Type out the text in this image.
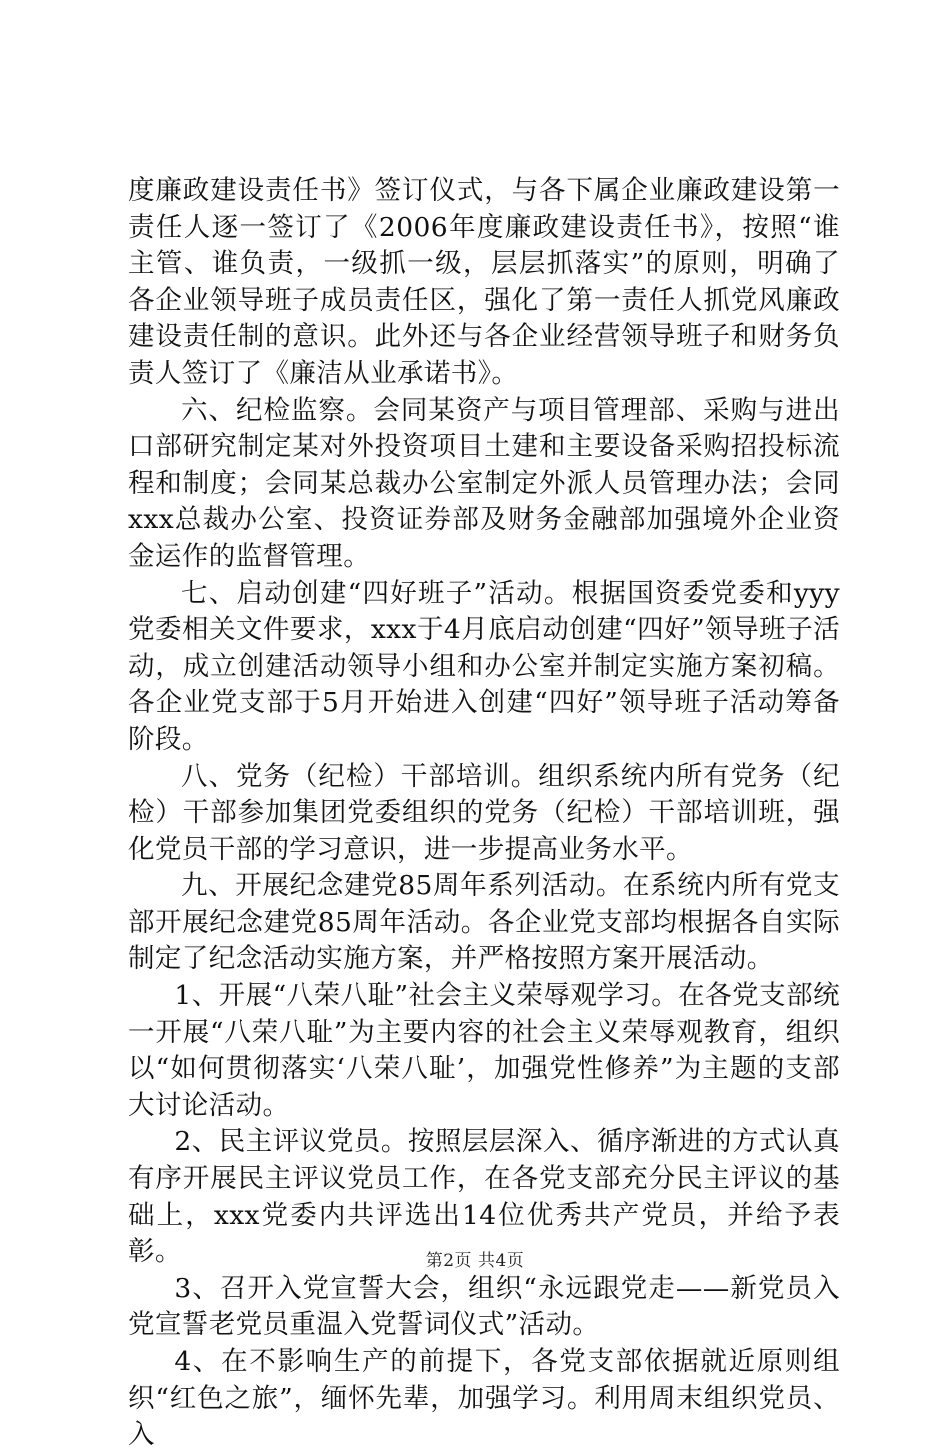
度廉政建设责任书》签订仪式，与各下属企业廉政建设第一责任人逐一签订了《2006年度廉政建设责任书》，按照“谁主管、谁负责，一级抓一级，层层抓落实”的原则，明确了各企业领导班子成员责任区，强化了第一责任人抓党风廉政建设责任制的意识。此外还与各企业经营领导班子和财务负责人签订了《廉洁从业承诺书》。

六、纪检监察。会同某资产与项目管理部、采购与进出口部研究制定某对外投资项目土建和主要设备采购招投标流程和制度；会同某总裁办公室制定外派人员管理办法；会同xxx总裁办公室、投资证券部及财务金融部加强境外企业资金运作的监督管理。

七、启动创建“四好班子”活动。根据国资委党委和yyy党委相关文件要求，xxx于4月底启动创建“四好”领导班子活动，成立创建活动领导小组和办公室并制定实施方案初稿。各企业党支部于5月开始进入创建“四好”领导班子活动筹备阶段。

八、党务（纪检）干部培训。组织系统内所有党务（纪检）干部参加集团党委组织的党务（纪检）干部培训班，强化党员干部的学习意识，进一步提高业务水平。

九、开展纪念建党85周年系列活动。在系统内所有党支部开展纪念建党85周年活动。各企业党支部均根据各自实际制定了纪念活动实施方案，并严格按照方案开展活动。

1、开展“八荣八耻”社会主义荣辱观学习。在各党支部统一开展“八荣八耻”为主要内容的社会主义荣辱观教育，组织以“如何贯彻落实‘八荣八耻’，加强党性修养”为主题的支部大讨论活动。

2、民主评议党员。按照层层深入、循序渐进的方式认真有序开展民主评议党员工作，在各党支部充分民主评议的基础上，xxx党委内共评选出14位优秀共产党员，并给予表彰。

3、召开入党宣誓大会，组织“永远跟党走——新党员入党宣誓老党员重温入党誓词仪式”活动。

4、在不影响生产的前提下，各党支部依据就近原则组织“红色之旅”，缅怀先辈，加强学习。利用周末组织党员、入

第2页 共4页
